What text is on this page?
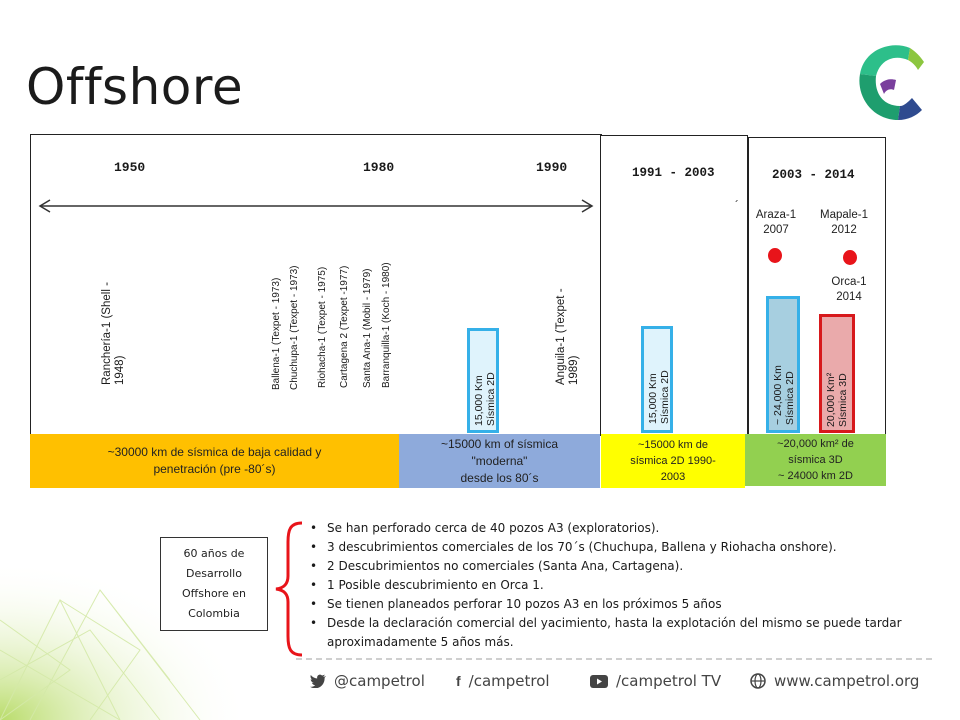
Offshore
1950	1980	1990	1991 - 2003	2003 - 2014
´
Ranchería-1 (Shell - 1948)	Ballena-1 (Texpet - 1973) Chuchupa-1 (Texpet - 1973) Riohacha-1 (Texpet - 1975) Cartagena 2 (Texpet -1977) Santa Ana-1 (Mobil - 1979) Barranquilla-1 (Koch - 1980)	Anguila-1 (Texpet - 1989)
15,000 Km Sísmica 2D	15,000 Km Sísmica 2D	~ 24,000 Km Sísmica 2D	20,000 Km² Sísmica 3D
Araza-1
2007
Mapale-1
2012
Orca-1
2014
~30000 km de sísmica de baja calidad y
penetración (pre -80´s)
~15000 km of sísmica
"moderna"
desde los 80´s
~15000 km de
sísmica 2D 1990-
2003
~20,000 km² de
sísmica 3D
~ 24000 km 2D
60 años de
Desarrollo
Offshore en
Colombia
• Se han perforado cerca de 40 pozos A3 (exploratorios).
• 3 descubrimientos comerciales de los 70´s (Chuchupa, Ballena y Riohacha onshore).
• 2 Descubrimientos no comerciales (Santa Ana, Cartagena).
• 1 Posible descubrimiento en Orca 1.
• Se tienen planeados perforar 10 pozos A3 en los próximos 5 años
• Desde la declaración comercial del yacimiento, hasta la explotación del mismo se puede tardar aproximadamente 5 años más.
@campetrol f /campetrol	/campetrol TV	www.campetrol.org
